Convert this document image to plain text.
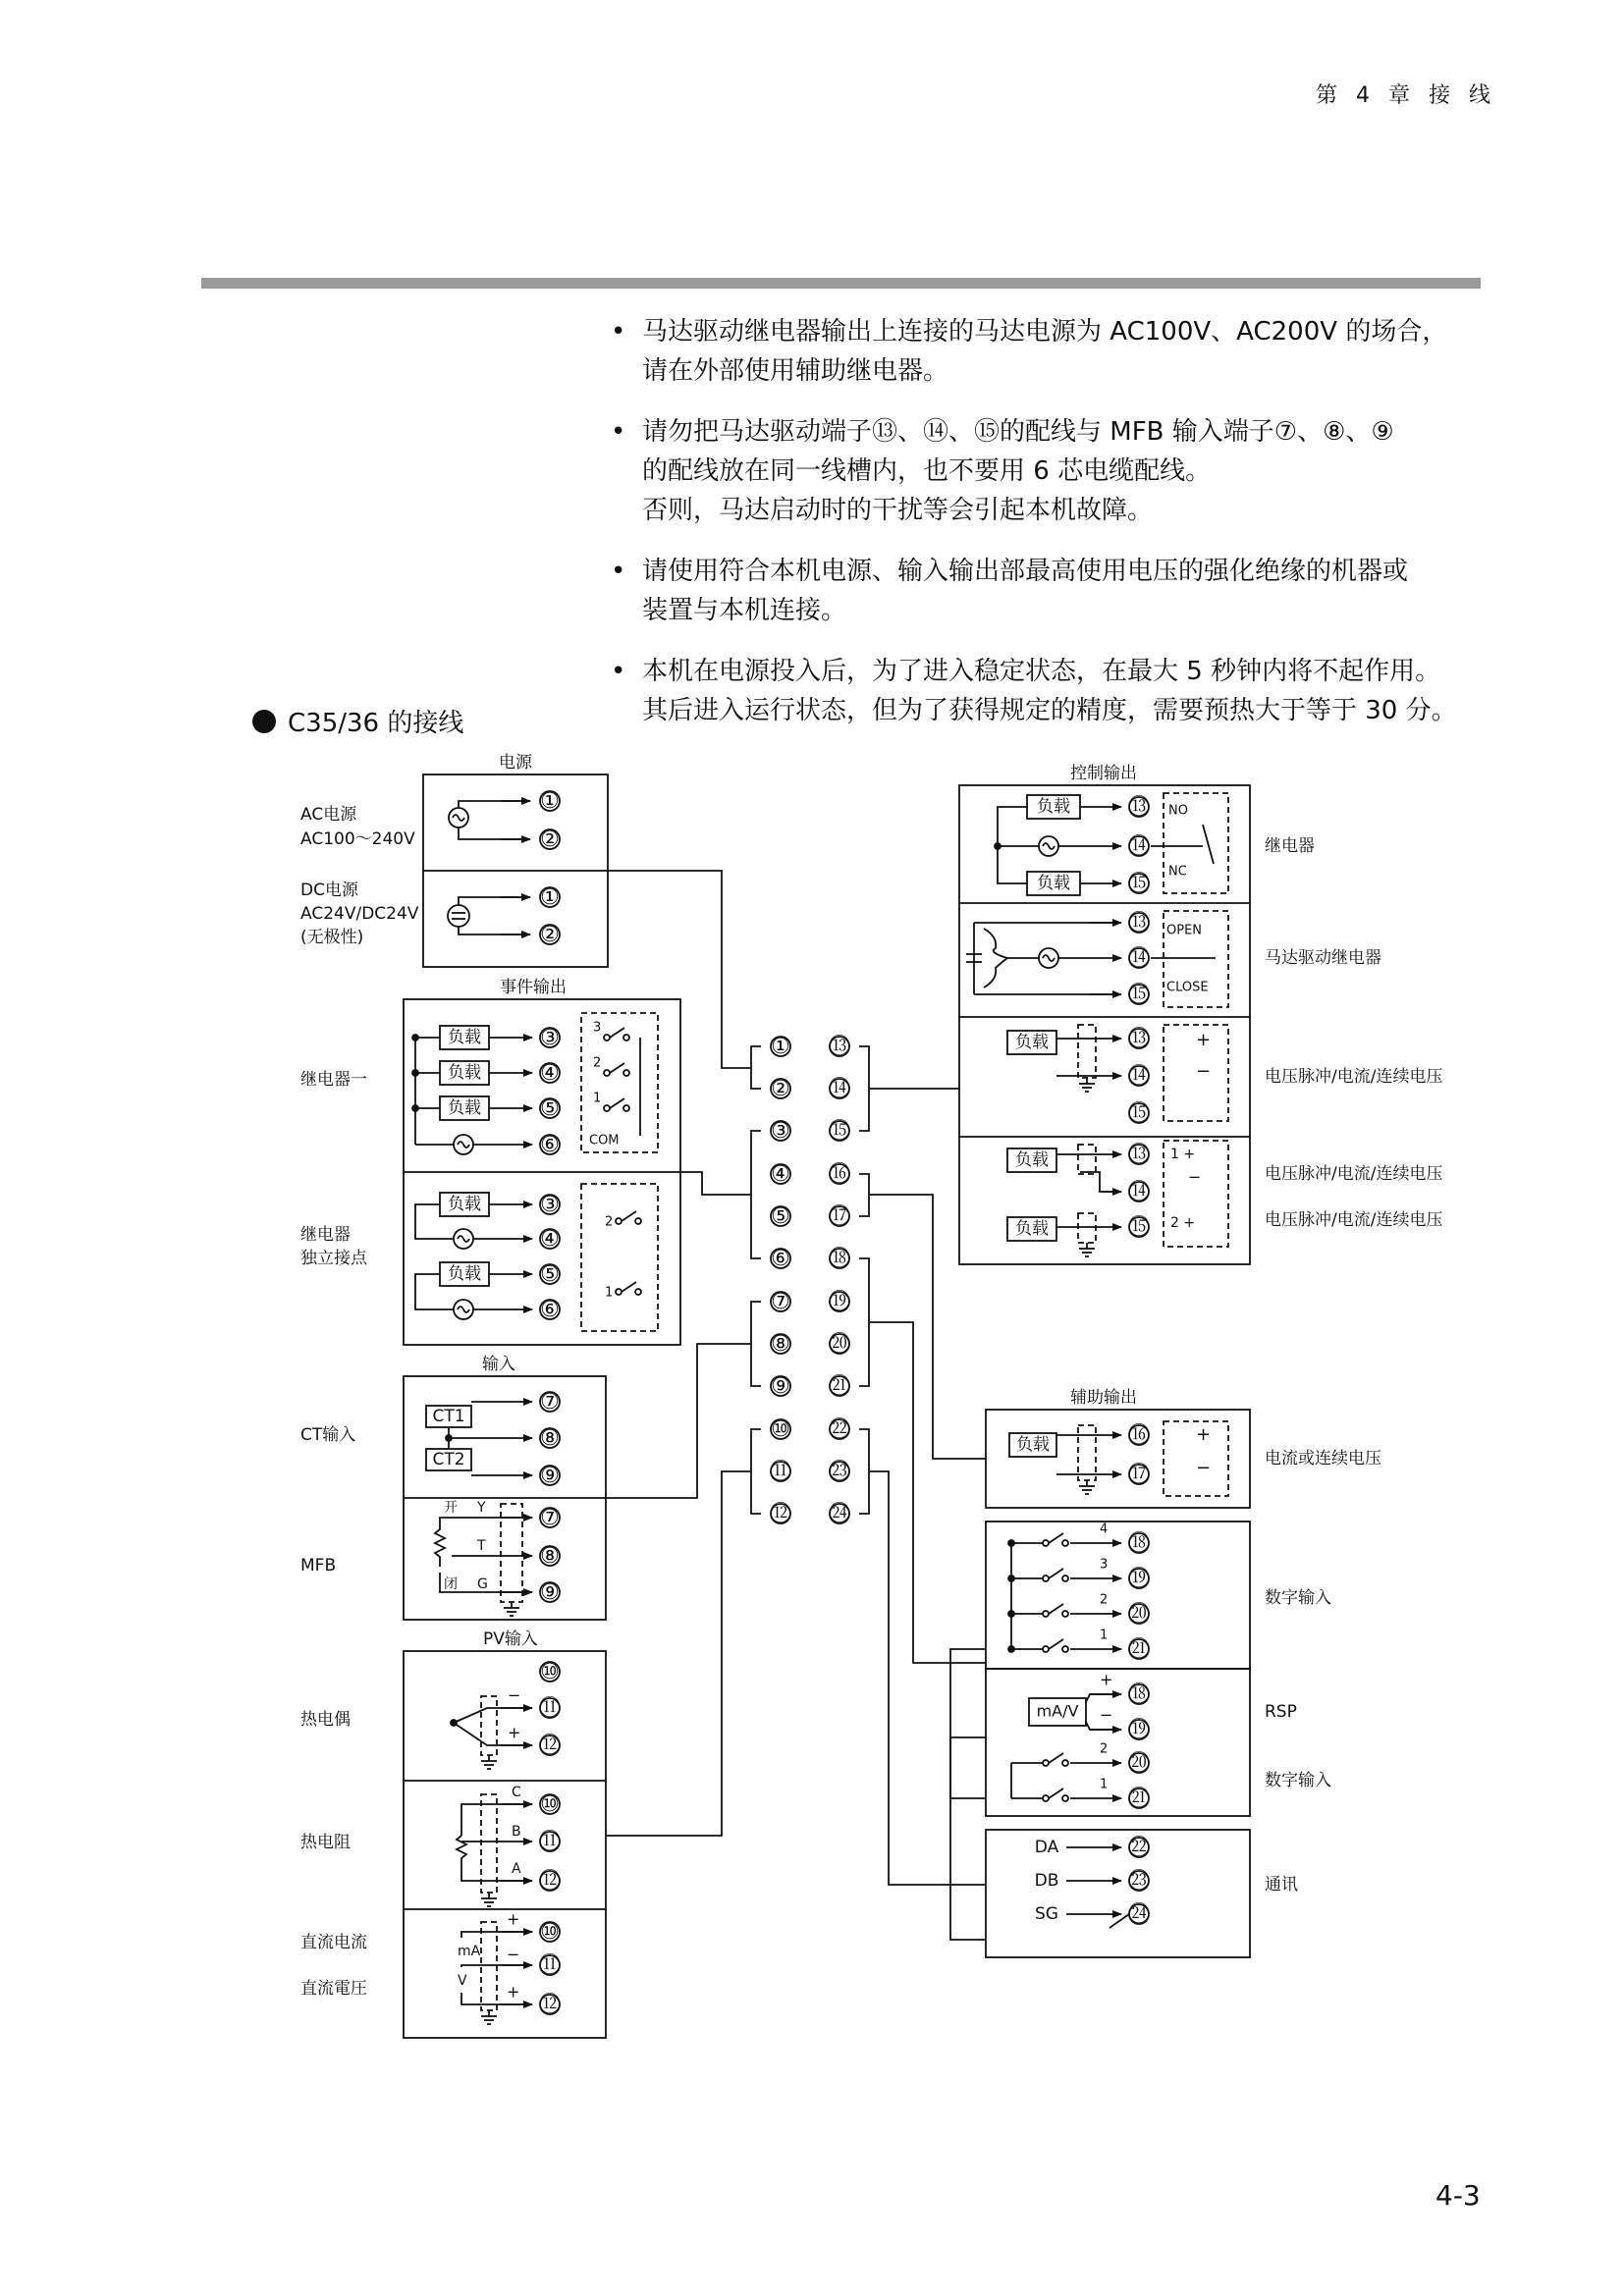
第 4 章 接 线
• 马达驱动继电器输出上连接的马达电源为 AC100V、AC200V 的场合，
请在外部使用辅助继电器。
• 请勿把马达驱动端子⑬、⑭、⑮的配线与 MFB 输入端子⑦、⑧、⑨
的配线放在同一线槽内，也不要用 6 芯电缆配线。
否则，马达启动时的干扰等会引起本机故障。
• 请使用符合本机电源、输入输出部最高使用电压的强化绝缘的机器或
装置与本机连接。
• 本机在电源投入后，为了进入稳定状态，在最大 5 秒钟内将不起作用。
其后进入运行状态，但为了获得规定的精度，需要预热大于等于 30 分。
C35/36 的接线
电源
AC电源
AC100～240V
DC电源
AC24V/DC24V
(无极性)
①
②
①
②
事件输出
继电器一
继电器
独立接点
负载	③	3
负载	④	2
负载	⑤	1
⑥ COM
负载	③
④
负载	⑤
⑥
2
1
输入
CT输入
MFB
CT1
CT2
⑦
⑧
⑨
开 Y
T
闭 G
⑦
⑧
⑨
PV输入
热电偶
热电阻
直流电流
直流電圧
⑩
−
+
⑪
⑫
C
B
A
⑩
⑪
⑫
mA
V
+
−
+
⑩
⑪
⑫
① ⑬
② ⑭
③ ⑮
④ ⑯
⑤ ⑰
⑥ ⑱
⑦ ⑲
⑧ ⑳
⑨ ㉑
⑩ ㉒
⑪ ㉓
⑫ ㉔
控制输出
继电器
马达驱动继电器
电压脉冲/电流/连续电压
电压脉冲/电流/连续电压
电压脉冲/电流/连续电压
负载	⑬
⑭
负载	⑮
NO
NC
OPEN
CLOSE
⑬
⑭
⑮
负载	⑬
⑭
⑮
+
−
负载
负载
⑬
⑭
⑮
1 +
−
2 +
辅助输出
电流或连续电压
负载	⑯
⑰
+
−
数字输入
4
⑱
3
⑲
2
⑳
1
㉑
RSP
数字输入
mA/V
+
−
⑱
⑲
2
⑳
1
㉑
通讯
DA	㉒
DB	㉓
SG	㉔
4-3
